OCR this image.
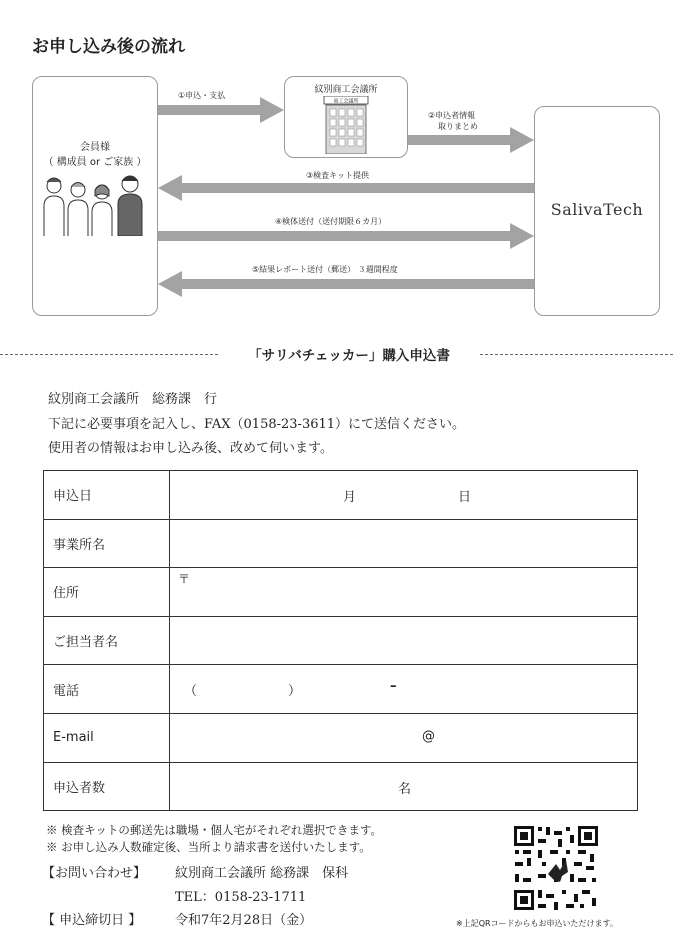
お申し込み後の流れ
会員様
（ 構成員 or ご家族 ）
紋別商工会議所
商工会議所
SalivaTech
①申込・支払
②申込者情報
取りまとめ
③検査キット提供
④検体送付（送付期限６カ月）
⑤結果レポート送付（郵送） ３週間程度
「サリバチェッカー」購入申込書
紋別商工会議所　総務課　行
下記に必要事項を記入し、FAX（0158-23-3611）にて送信ください。
使用者の情報はお申し込み後、改めて伺います。
申込日	月 日

事業所名	
住所	〒

ご担当者名	
電話	（ ） –

E-mail	@

申込者数	名
※ 検査キットの郵送先は職場・個人宅がそれぞれ選択できます。
※ お申し込み人数確定後、当所より請求書を送付いたします。
【お問い合わせ】 紋別商工会議所 総務課　保科
TEL：0158-23-1711
【 申込締切日 】	令和7年2月28日（金）	※上記QRコードからもお申込いただけます。
